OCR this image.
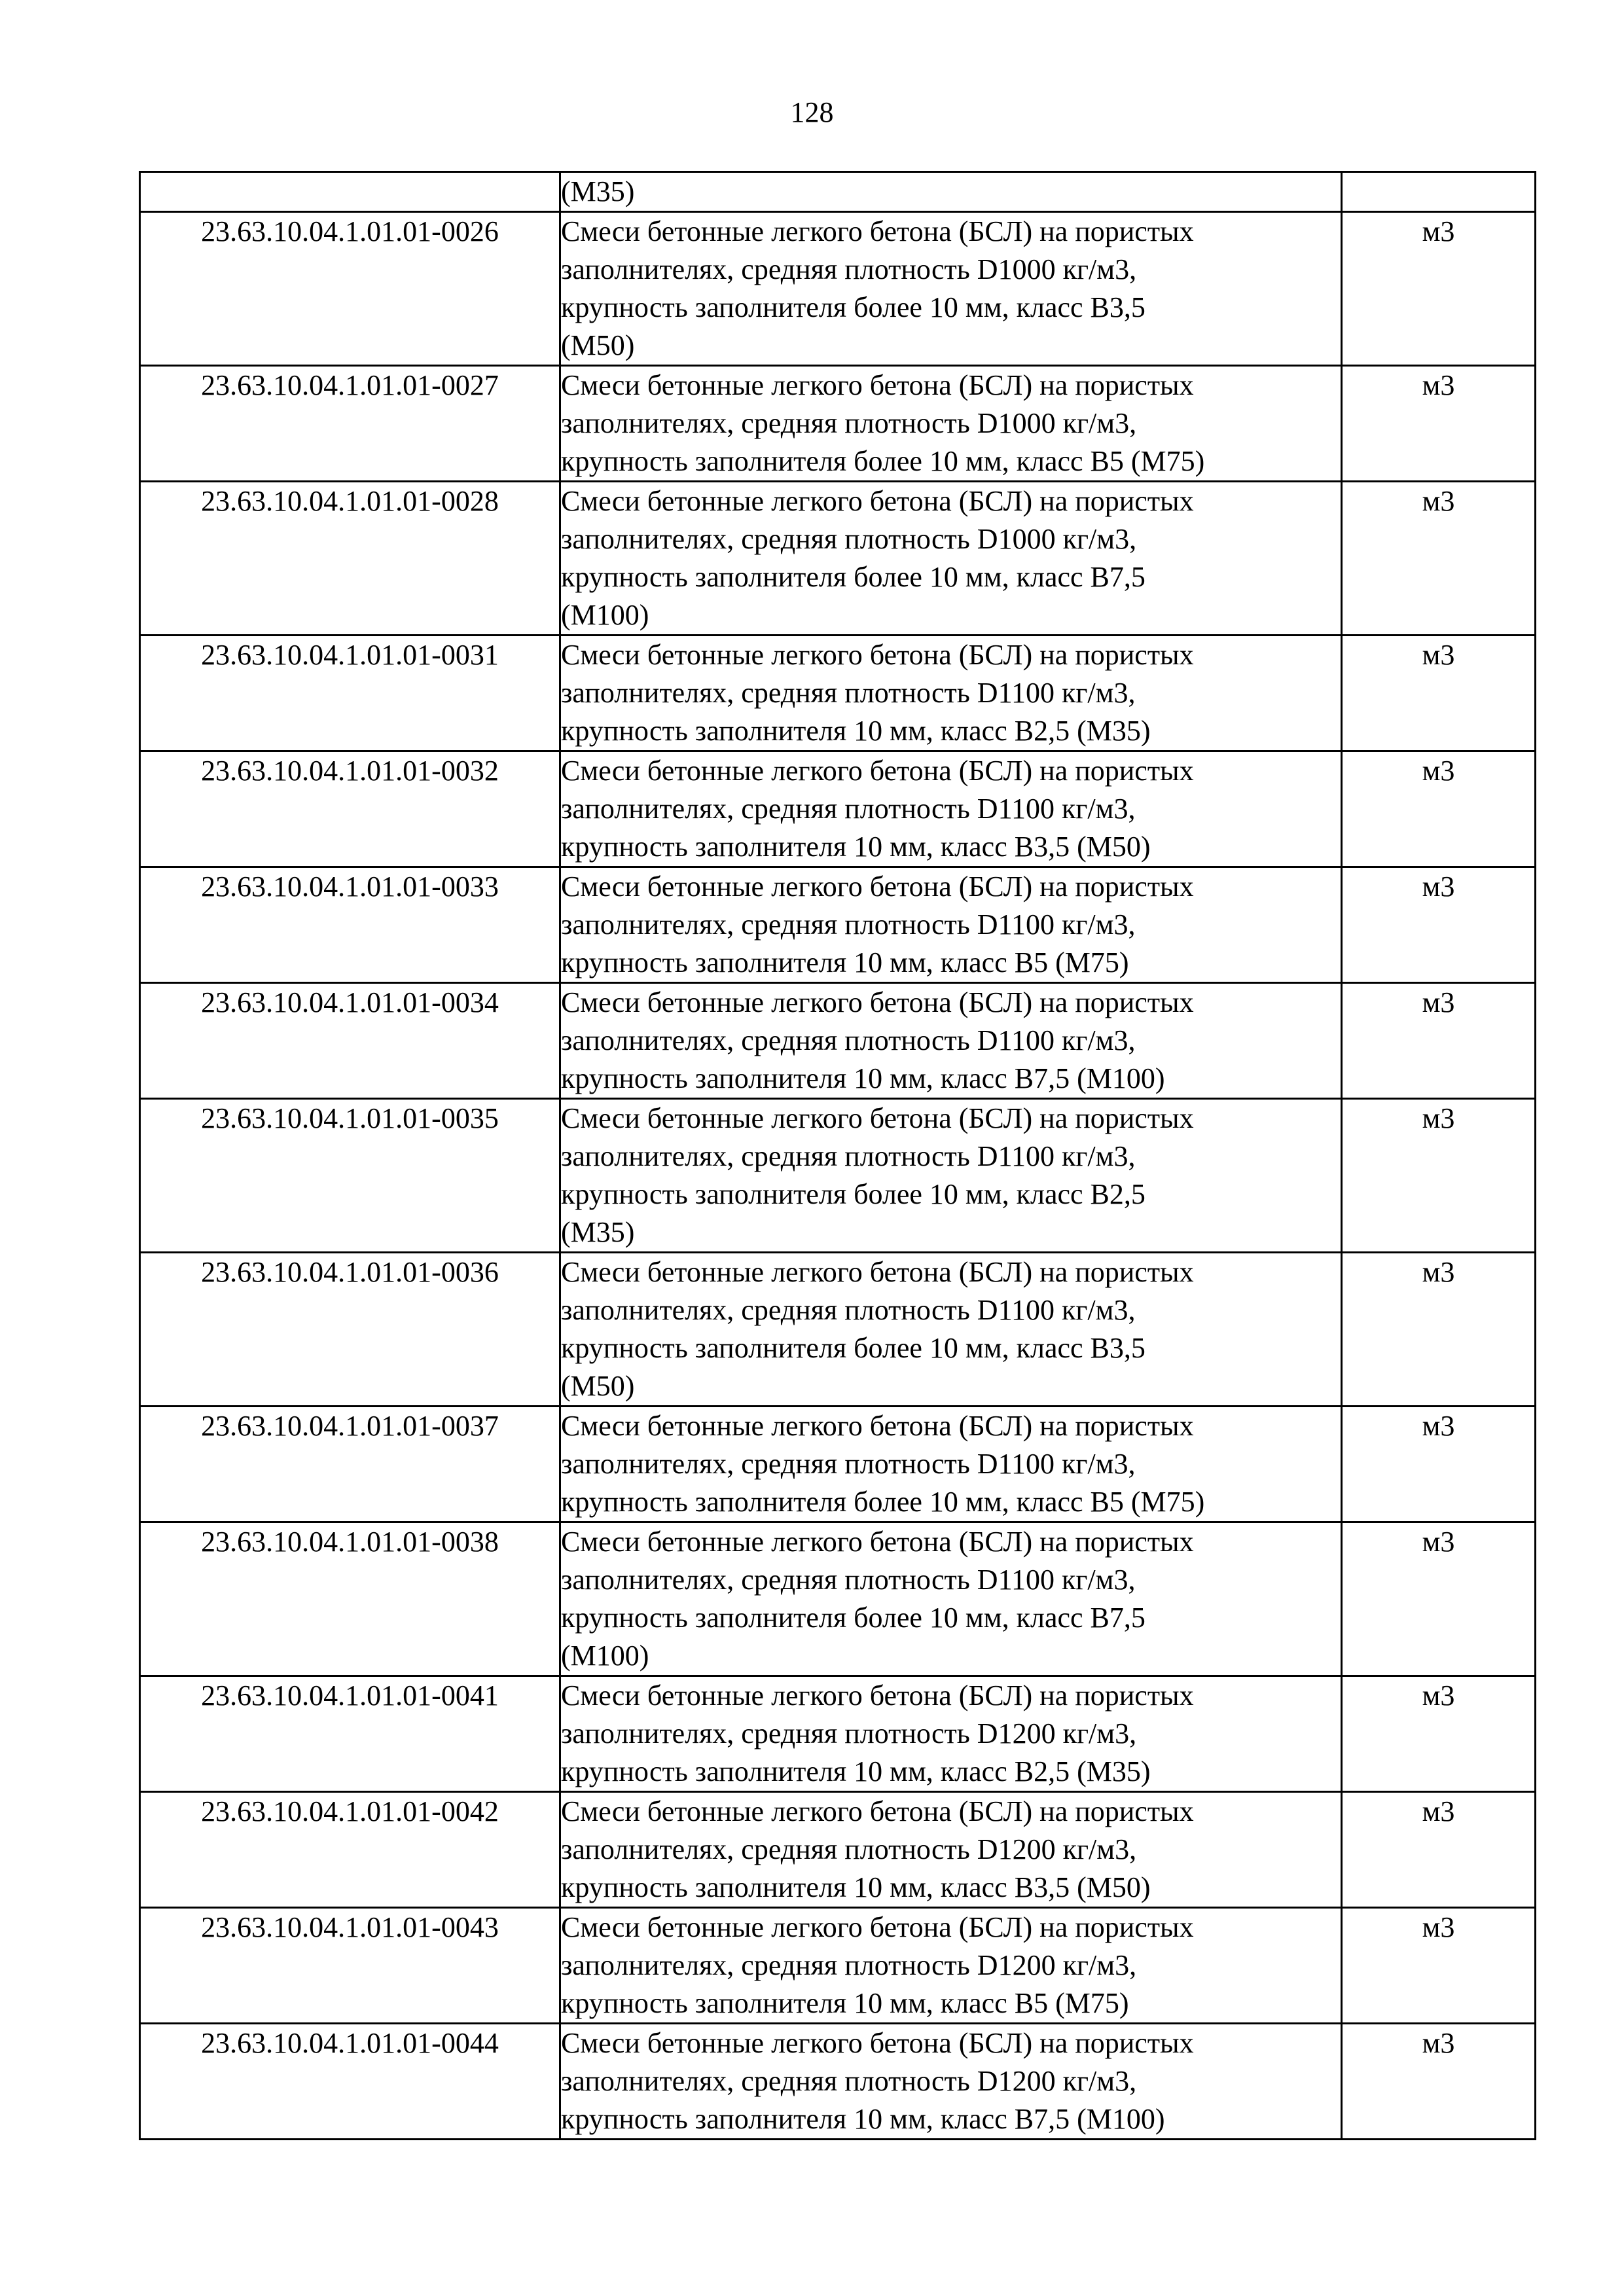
128

	(М35)	

23.63.10.04.1.01.01-0026	Смеси бетонные легкого бетона (БСЛ) на пористых
заполнителях, средняя плотность D1000 кг/м3,
крупность заполнителя более 10 мм, класс В3,5
(М50)	м3
23.63.10.04.1.01.01-0027	Смеси бетонные легкого бетона (БСЛ) на пористых
заполнителях, средняя плотность D1000 кг/м3,
крупность заполнителя более 10 мм, класс В5 (М75)	м3
23.63.10.04.1.01.01-0028	Смеси бетонные легкого бетона (БСЛ) на пористых
заполнителях, средняя плотность D1000 кг/м3,
крупность заполнителя более 10 мм, класс В7,5
(М100)	м3
23.63.10.04.1.01.01-0031	Смеси бетонные легкого бетона (БСЛ) на пористых
заполнителях, средняя плотность D1100 кг/м3,
крупность заполнителя 10 мм, класс В2,5 (М35)	м3
23.63.10.04.1.01.01-0032	Смеси бетонные легкого бетона (БСЛ) на пористых
заполнителях, средняя плотность D1100 кг/м3,
крупность заполнителя 10 мм, класс В3,5 (М50)	м3
23.63.10.04.1.01.01-0033	Смеси бетонные легкого бетона (БСЛ) на пористых
заполнителях, средняя плотность D1100 кг/м3,
крупность заполнителя 10 мм, класс В5 (М75)	м3
23.63.10.04.1.01.01-0034	Смеси бетонные легкого бетона (БСЛ) на пористых
заполнителях, средняя плотность D1100 кг/м3,
крупность заполнителя 10 мм, класс В7,5 (М100)	м3
23.63.10.04.1.01.01-0035	Смеси бетонные легкого бетона (БСЛ) на пористых
заполнителях, средняя плотность D1100 кг/м3,
крупность заполнителя более 10 мм, класс В2,5
(М35)	м3
23.63.10.04.1.01.01-0036	Смеси бетонные легкого бетона (БСЛ) на пористых
заполнителях, средняя плотность D1100 кг/м3,
крупность заполнителя более 10 мм, класс В3,5
(М50)	м3
23.63.10.04.1.01.01-0037	Смеси бетонные легкого бетона (БСЛ) на пористых
заполнителях, средняя плотность D1100 кг/м3,
крупность заполнителя более 10 мм, класс В5 (М75)	м3
23.63.10.04.1.01.01-0038	Смеси бетонные легкого бетона (БСЛ) на пористых
заполнителях, средняя плотность D1100 кг/м3,
крупность заполнителя более 10 мм, класс В7,5
(М100)	м3
23.63.10.04.1.01.01-0041	Смеси бетонные легкого бетона (БСЛ) на пористых
заполнителях, средняя плотность D1200 кг/м3,
крупность заполнителя 10 мм, класс В2,5 (М35)	м3
23.63.10.04.1.01.01-0042	Смеси бетонные легкого бетона (БСЛ) на пористых
заполнителях, средняя плотность D1200 кг/м3,
крупность заполнителя 10 мм, класс В3,5 (М50)	м3
23.63.10.04.1.01.01-0043	Смеси бетонные легкого бетона (БСЛ) на пористых
заполнителях, средняя плотность D1200 кг/м3,
крупность заполнителя 10 мм, класс В5 (М75)	м3
23.63.10.04.1.01.01-0044	Смеси бетонные легкого бетона (БСЛ) на пористых
заполнителях, средняя плотность D1200 кг/м3,
крупность заполнителя 10 мм, класс В7,5 (М100)	м3
